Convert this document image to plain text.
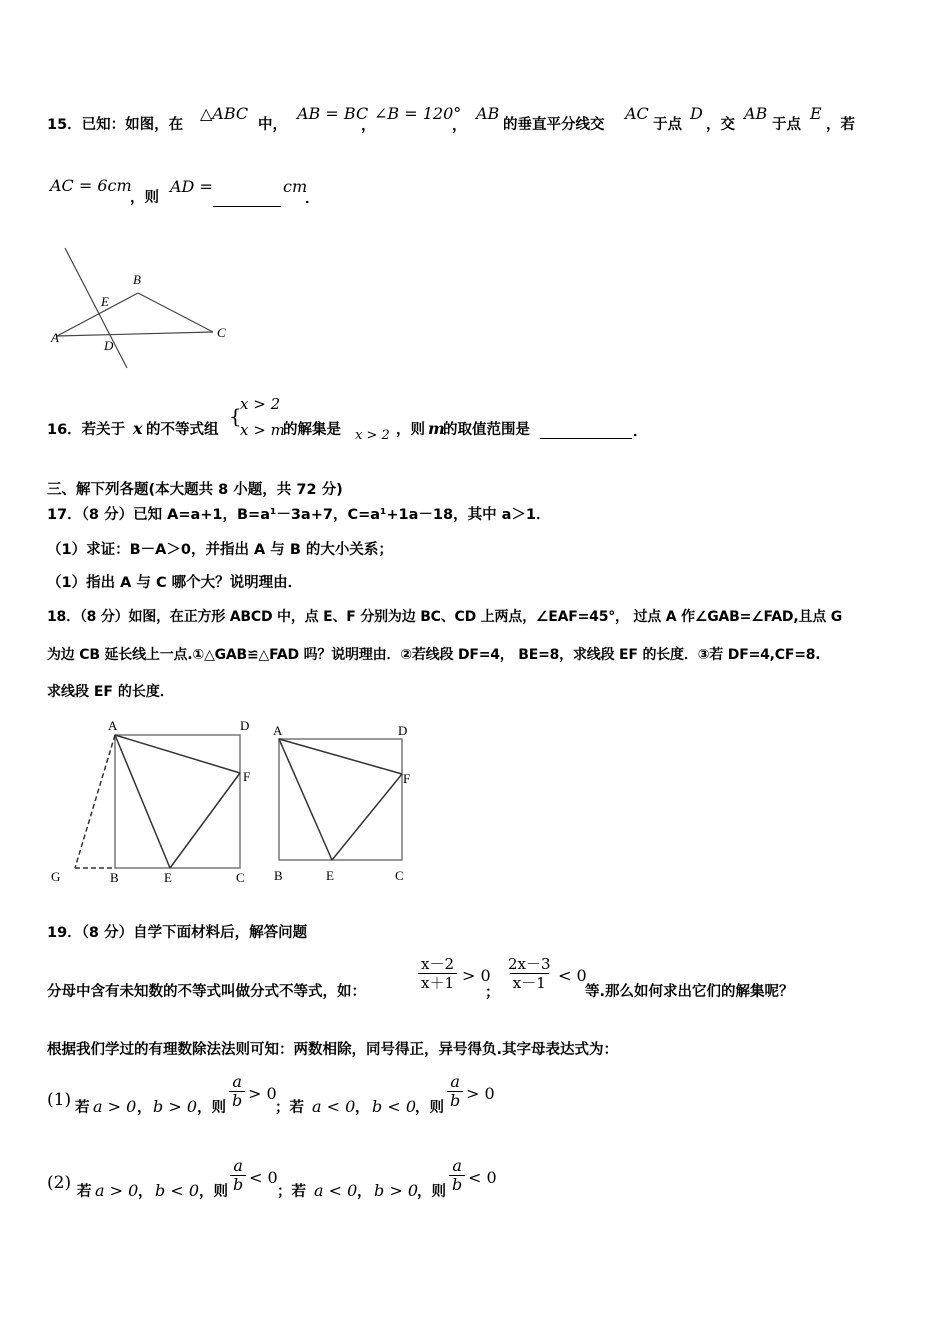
15．已知：如图，在
△ABC
中，
AB = BC
，
∠B = 120°
，
AB
的垂直平分线交
AC
于点
D
，交
AB
于点
E
，若
AC = 6cm
，则
AD =	cm
．
A
B
C
D
E
16．若关于 x 的不等式组
{
x > 2
x > m
的解集是 x > 2 ，则 m
的取值范围是	．
三、解下列各题(本大题共 8 小题，共 72 分)
17．（8 分）已知 A=a+1，B=a¹－3a+7，C=a¹+1a－18，其中 a＞1．
（1）求证：B－A＞0，并指出 A 与 B 的大小关系；
（1）指出 A 与 C 哪个大？说明理由．
18．（8 分）如图，在正方形 ABCD 中，点 E、F 分别为边 BC、CD 上两点，∠EAF=45°， 过点 A 作∠GAB=∠FAD,且点 G
为边 CB 延长线上一点.①△GAB≌△FAD 吗？说明理由．②若线段 DF=4， BE=8，求线段 EF 的长度．③若 DF=4,CF=8.
求线段 EF 的长度．
A	D
F
G	B	E	C
A	D
F
B	E	C
19．（8 分）自学下面材料后，解答问题
分母中含有未知数的不等式叫做分式不等式，如：	$\frac{x-2}{x+1} > 0$
；
$\frac{2x-3}{x-1} < 0$
等.那么如何求出它们的解集呢？
根据我们学过的有理数除法法则可知：两数相除，同号得正，异号得负.其字母表达式为：
(1) 若 a > 0 ， b > 0 ，则 $\frac{a}{b} > 0$
；若 a < 0 ， b < 0 ，则 $\frac{a}{b} > 0$
(2) 若 a > 0 ， b < 0 ，则 $\frac{a}{b} < 0$
；若 a < 0 ， b > 0 ，则 $\frac{a}{b} < 0$
